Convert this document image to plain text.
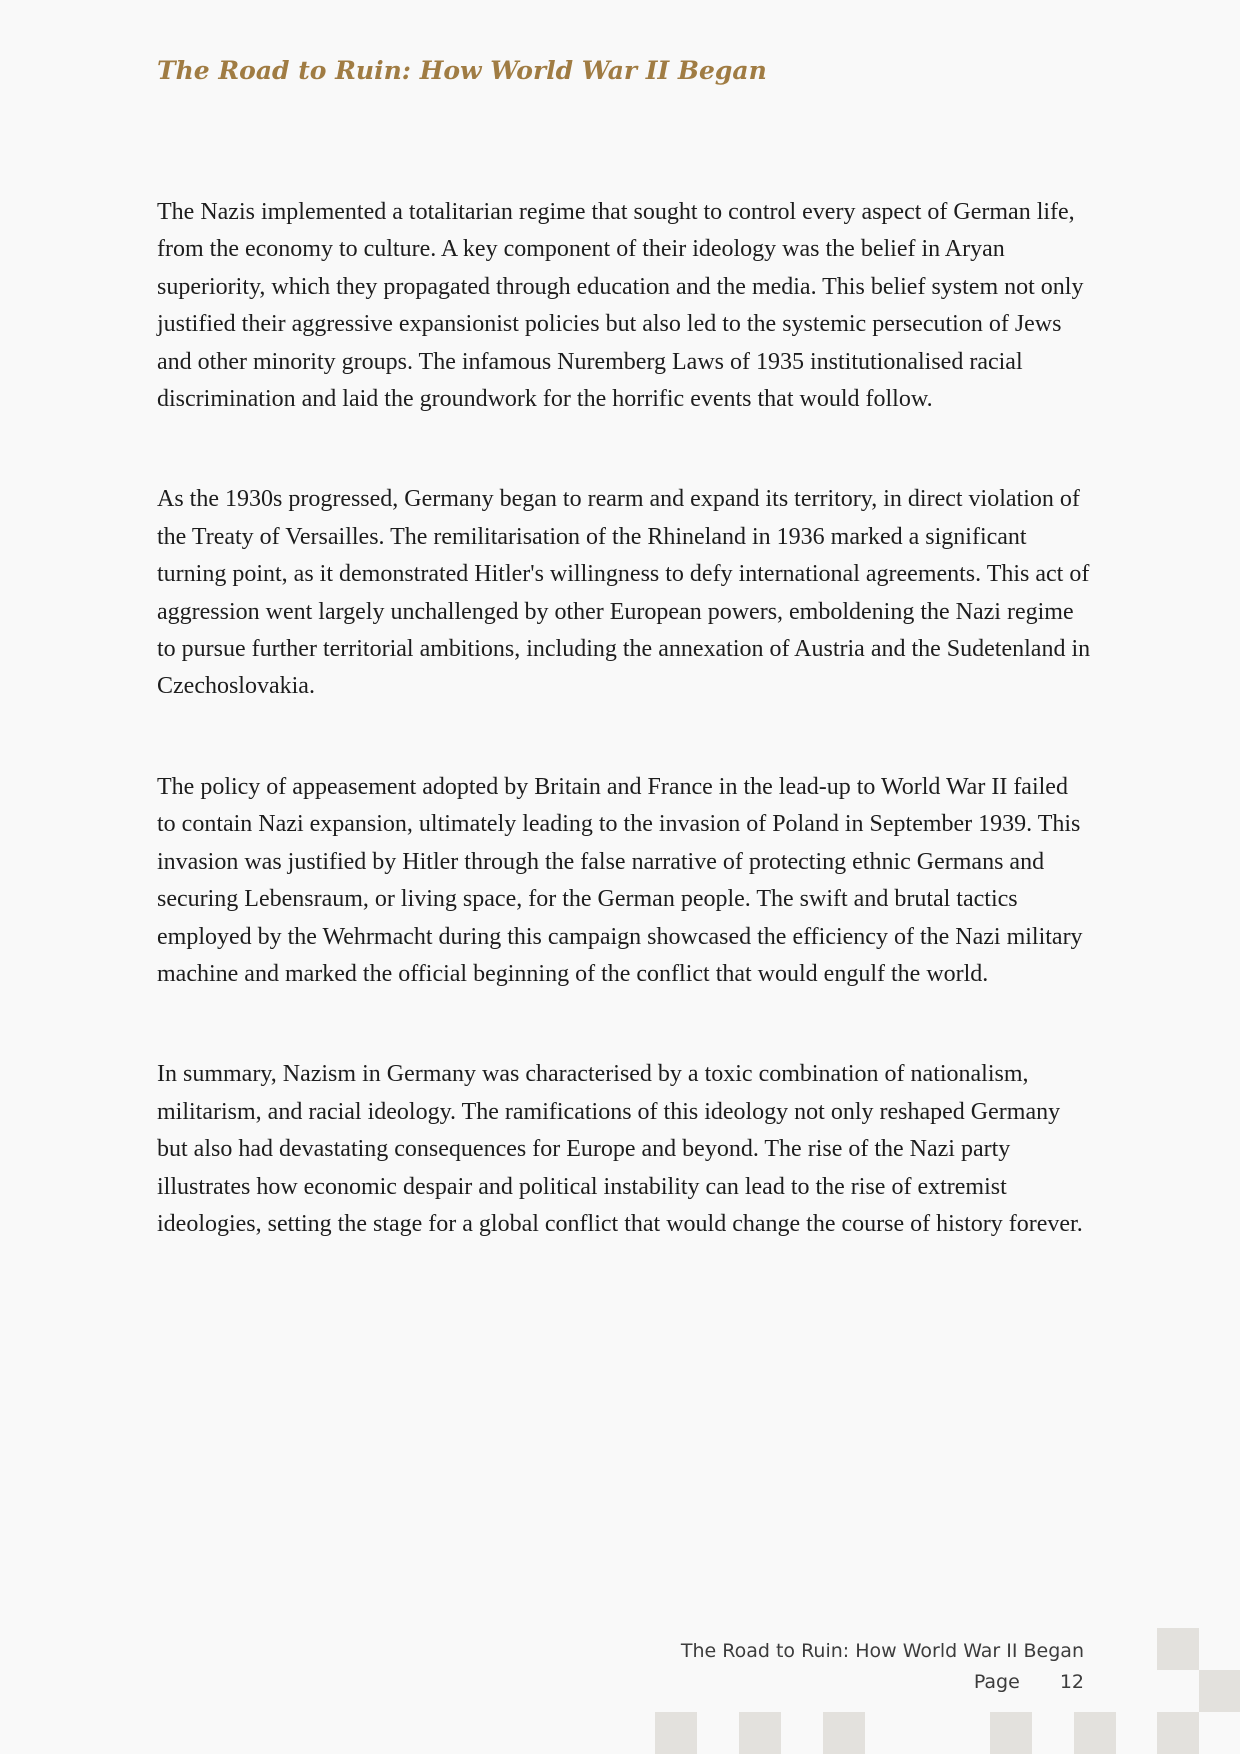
The Road to Ruin: How World War II Began

The Nazis implemented a totalitarian regime that sought to control every aspect of German life, from the economy to culture. A key component of their ideology was the belief in Aryan superiority, which they propagated through education and the media. This belief system not only justified their aggressive expansionist policies but also led to the systemic persecution of Jews and other minority groups. The infamous Nuremberg Laws of 1935 institutionalised racial discrimination and laid the groundwork for the horrific events that would follow.

As the 1930s progressed, Germany began to rearm and expand its territory, in direct violation of the Treaty of Versailles. The remilitarisation of the Rhineland in 1936 marked a significant turning point, as it demonstrated Hitler's willingness to defy international agreements. This act of aggression went largely unchallenged by other European powers, emboldening the Nazi regime to pursue further territorial ambitions, including the annexation of Austria and the Sudetenland in Czechoslovakia.

The policy of appeasement adopted by Britain and France in the lead-up to World War II failed to contain Nazi expansion, ultimately leading to the invasion of Poland in September 1939. This invasion was justified by Hitler through the false narrative of protecting ethnic Germans and securing Lebensraum, or living space, for the German people. The swift and brutal tactics employed by the Wehrmacht during this campaign showcased the efficiency of the Nazi military machine and marked the official beginning of the conflict that would engulf the world.

In summary, Nazism in Germany was characterised by a toxic combination of nationalism, militarism, and racial ideology. The ramifications of this ideology not only reshaped Germany but also had devastating consequences for Europe and beyond. The rise of the Nazi party illustrates how economic despair and political instability can lead to the rise of extremist ideologies, setting the stage for a global conflict that would change the course of history forever.

The Road to Ruin: How World War II Began
Page 12
